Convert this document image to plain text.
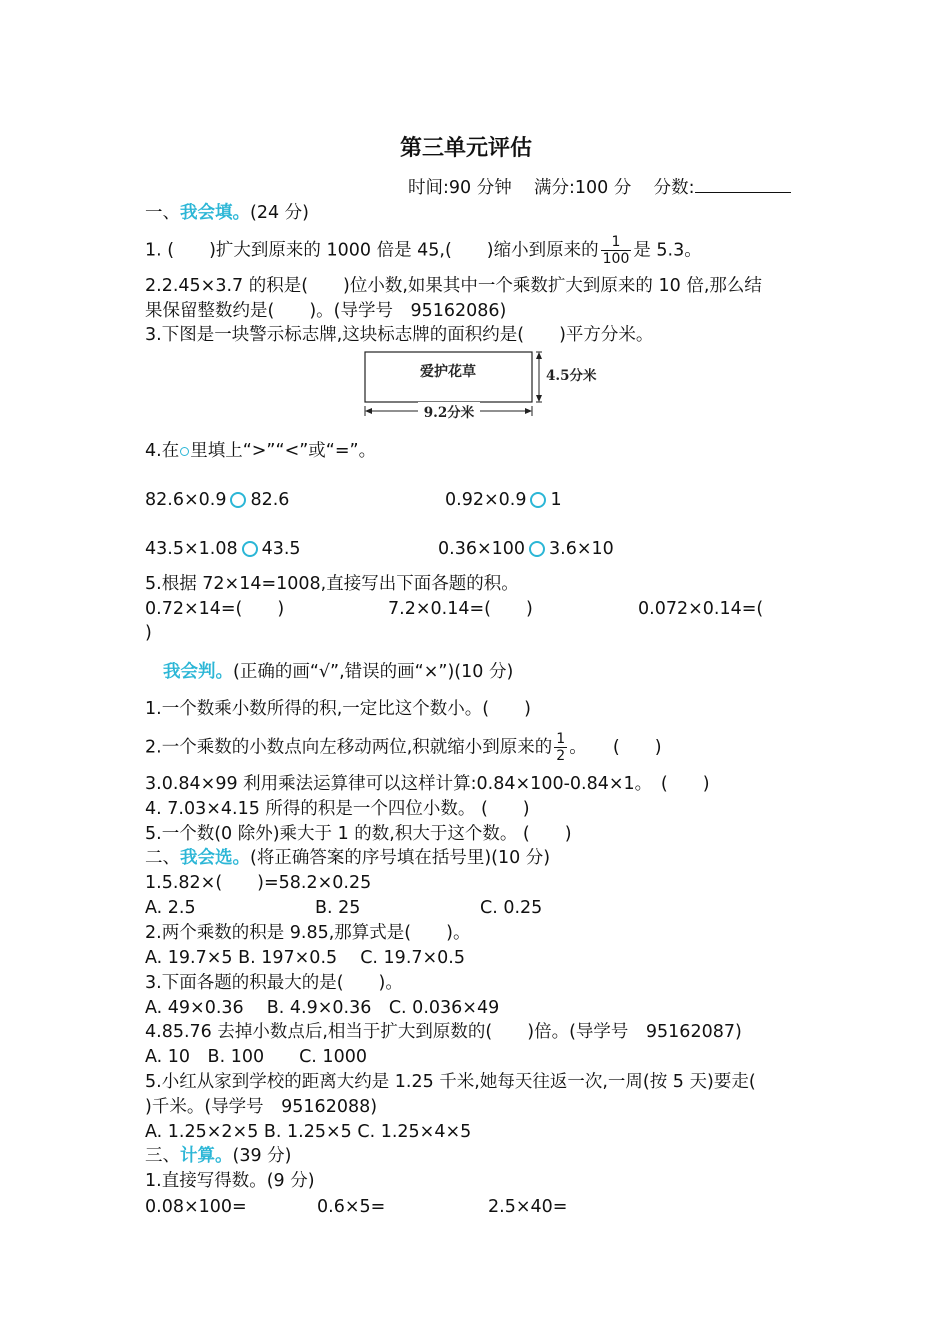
第三单元评估
时间:90 分钟 满分:100 分 分数:
一、我会填。(24 分)
1. (　　)扩大到原来的 1000 倍是 45,(　　)缩小到原来的 $\frac{1}{100}$ 是 5.3。
2.2.45×3.7 的积是(　　)位小数,如果其中一个乘数扩大到原来的 10 倍,那么结
果保留整数约是(　　)。(导学号　95162086)
3.下图是一块警示标志牌,这块标志牌的面积约是(　　)平方分米。
爱护花草	4.5分米
9.2分米
4.在 里填上“>”“<”或“=”。
82.6×0.9 82.6	0.92×0.9 1
43.5×1.08 43.5	0.36×100 3.6×10
5.根据 72×14=1008,直接写出下面各题的积。
0.72×14=(　　)	7.2×0.14=(　　)	0.072×0.14=(
)
我会判。(正确的画“√”,错误的画“×”)(10 分)
1.一个数乘小数所得的积,一定比这个数小。(　　)
2.一个乘数的小数点向左移动两位,积就缩小到原来的 $\frac{1}{2}$ 。　　(　　)
3.0.84×99 利用乘法运算律可以这样计算:0.84×100-0.84×1。　(　　)
4. 7.03×4.15 所得的积是一个四位小数。 (　　)
5.一个数(0 除外)乘大于 1 的数,积大于这个数。 (　　)
二、我会选。(将正确答案的序号填在括号里)(10 分)
1.5.82×(　　)=58.2×0.25
A. 2.5	B. 25	C. 0.25
2.两个乘数的积是 9.85,那算式是(　　)。
A. 19.7×5 B. 197×0.5　 C. 19.7×0.5
3.下面各题的积最大的是(　　)。
A. 49×0.36　 B. 4.9×0.36　C. 0.036×49
4.85.76 去掉小数点后,相当于扩大到原数的(　　)倍。(导学号　95162087)
A. 10　B. 100　　C. 1000
5.小红从家到学校的距离大约是 1.25 千米,她每天往返一次,一周(按 5 天)要走(
)千米。(导学号　95162088)
A. 1.25×2×5 B. 1.25×5 C. 1.25×4×5
三、计算。(39 分)
1.直接写得数。(9 分)
0.08×100=	0.6×5=	2.5×40=
